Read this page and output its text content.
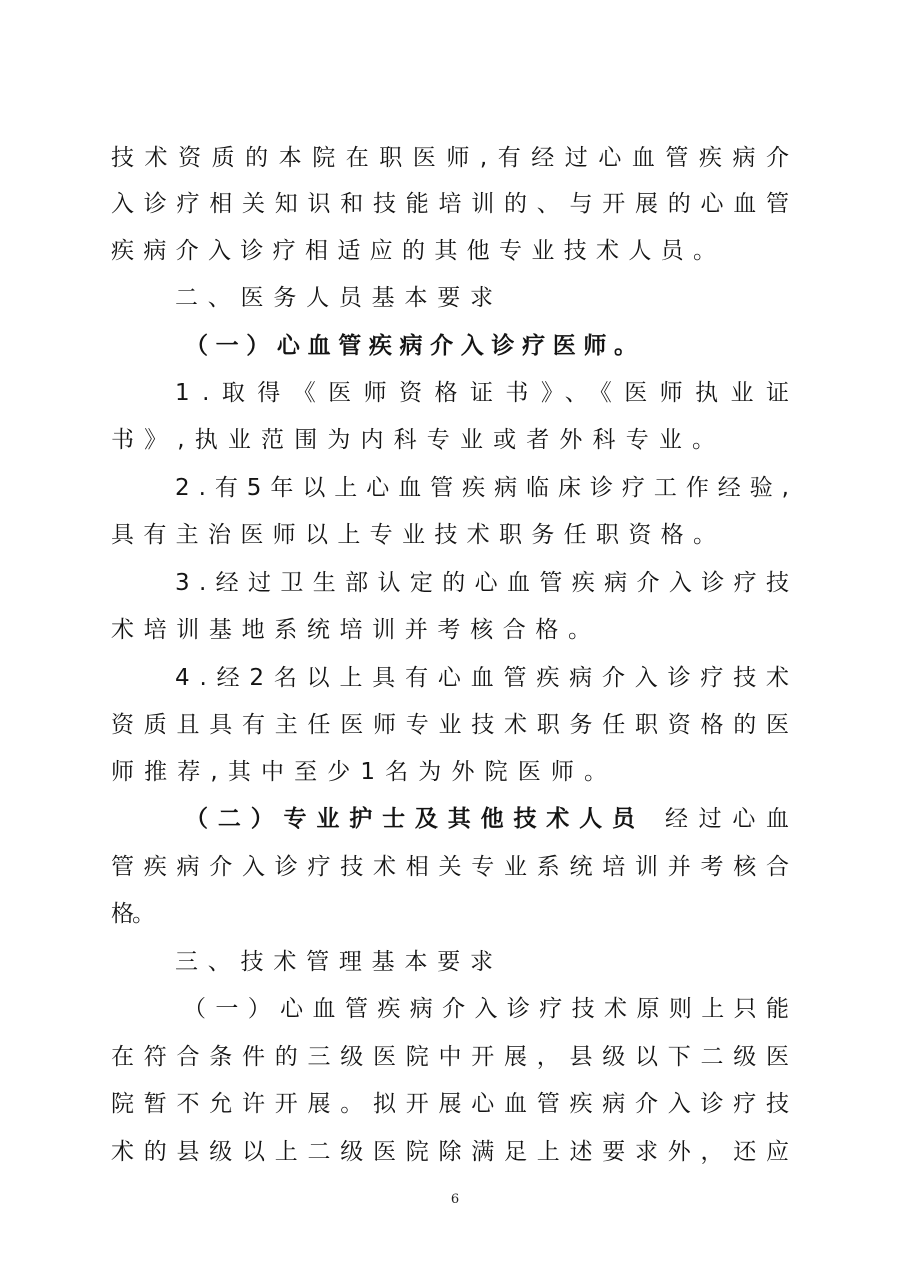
技术资质的本院在职医师,有经过心血管疾病介
入诊疗相关知识和技能培训的、与开展的心血管
疾病介入诊疗相适应的其他专业技术人员。
二、医务人员基本要求
（一）心血管疾病介入诊疗医师。
1.取得《医师资格证书》、《医师执业证
书》,执业范围为内科专业或者外科专业。
2.有5年以上心血管疾病临床诊疗工作经验,
具有主治医师以上专业技术职务任职资格。
3.经过卫生部认定的心血管疾病介入诊疗技
术培训基地系统培训并考核合格。
4.经2名以上具有心血管疾病介入诊疗技术
资质且具有主任医师专业技术职务任职资格的医
师推荐,其中至少1名为外院医师。
（二）专业护士及其他技术人员 经过心血
管疾病介入诊疗技术相关专业系统培训并考核合
格。
三、技术管理基本要求
（一）心血管疾病介入诊疗技术原则上只能
在符合条件的三级医院中开展，县级以下二级医
院暂不允许开展。拟开展心血管疾病介入诊疗技
术的县级以上二级医院除满足上述要求外，还应
6
